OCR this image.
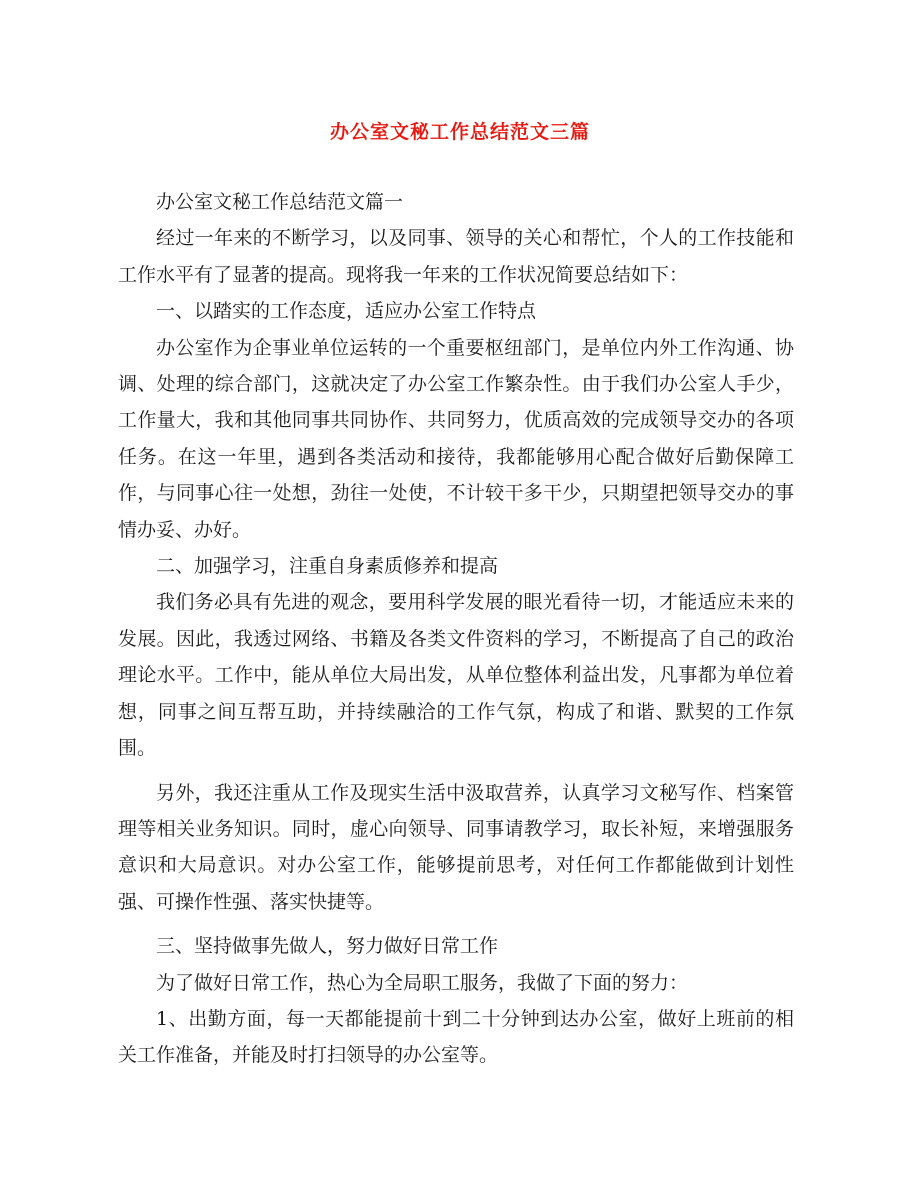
办公室文秘工作总结范文三篇

办公室文秘工作总结范文篇一

经过一年来的不断学习，以及同事、领导的关心和帮忙，个人的工作技能和工作水平有了显著的提高。现将我一年来的工作状况简要总结如下：

一、以踏实的工作态度，适应办公室工作特点

办公室作为企事业单位运转的一个重要枢纽部门，是单位内外工作沟通、协调、处理的综合部门，这就决定了办公室工作繁杂性。由于我们办公室人手少，工作量大，我和其他同事共同协作、共同努力，优质高效的完成领导交办的各项任务。在这一年里，遇到各类活动和接待，我都能够用心配合做好后勤保障工作，与同事心往一处想，劲往一处使，不计较干多干少，只期望把领导交办的事情办妥、办好。

二、加强学习，注重自身素质修养和提高

我们务必具有先进的观念，要用科学发展的眼光看待一切，才能适应未来的发展。因此，我透过网络、书籍及各类文件资料的学习，不断提高了自己的政治理论水平。工作中，能从单位大局出发，从单位整体利益出发，凡事都为单位着想，同事之间互帮互助，并持续融洽的工作气氛，构成了和谐、默契的工作氛围。

另外，我还注重从工作及现实生活中汲取营养，认真学习文秘写作、档案管理等相关业务知识。同时，虚心向领导、同事请教学习，取长补短，来增强服务意识和大局意识。对办公室工作，能够提前思考，对任何工作都能做到计划性强、可操作性强、落实快捷等。

三、坚持做事先做人，努力做好日常工作

为了做好日常工作，热心为全局职工服务，我做了下面的努力：

1、出勤方面，每一天都能提前十到二十分钟到达办公室，做好上班前的相关工作准备，并能及时打扫领导的办公室等。
